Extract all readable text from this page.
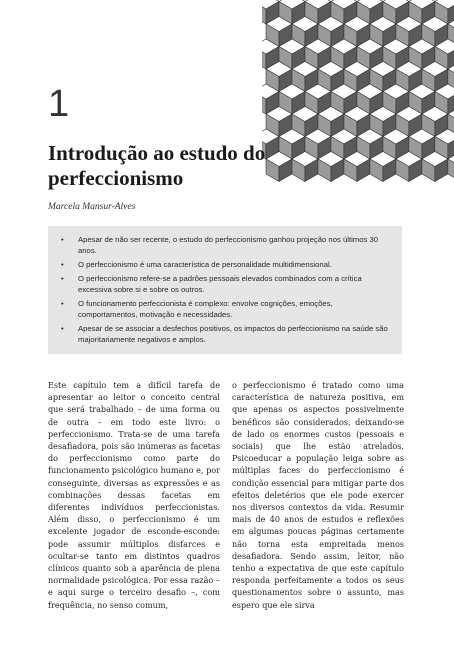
1
Introdução ao estudo do
perfeccionismo

Marcela Mansur-Alves

• Apesar de não ser recente, o estudo do perfeccionismo ganhou projeção nos últimos 30 anos.
• O perfeccionismo é uma característica de personalidade multidimensional.
• O perfeccionismo refere-se a padrões pessoais elevados combinados com a crítica excessiva sobre si e sobre os outros.
• O funcionamento perfeccionista é complexo: envolve cognições, emoções, comportamentos, motivação e necessidades.
• Apesar de se associar a desfechos positivos, os impactos do perfeccionismo na saúde são majoritariamente negativos e amplos.

Este capítulo tem a difícil tarefa de apresentar ao leitor o conceito central que será trabalhado – de uma forma ou de outra – em todo este livro: o perfeccionismo. Trata-se de uma tarefa desafiadora, pois são inúmeras as facetas do perfeccionismo como parte do funcionamento psicológico humano e, por conseguinte, diversas as expressões e as combinações dessas facetas em diferentes indivíduos perfeccionistas. Além disso, o perfeccionismo é um excelente jogador de esconde-esconde: pode assumir múltiplos disfarces e ocultar-se tanto em distintos quadros clínicos quanto sob a aparência de plena normalidade psicológica. Por essa razão – e aqui surge o terceiro desafio –, com frequência, no senso comum,

o perfeccionismo é tratado como uma característica de natureza positiva, em que apenas os aspectos possivelmente benéficos são considerados, deixando-se de lado os enormes custos (pessoais e sociais) que lhe estão atrelados. Psicoeducar a população leiga sobre as múltiplas faces do perfeccionismo é condição essencial para mitigar parte dos efeitos deletérios que ele pode exercer nos diversos contextos da vida. Resumir mais de 40 anos de estudos e reflexões em algumas poucas páginas certamente não torna esta empreitada menos desafiadora. Sendo assim, leitor, não tenho a expectativa de que este capítulo responda perfeitamente a todos os seus questionamentos sobre o assunto, mas espero que ele sirva
